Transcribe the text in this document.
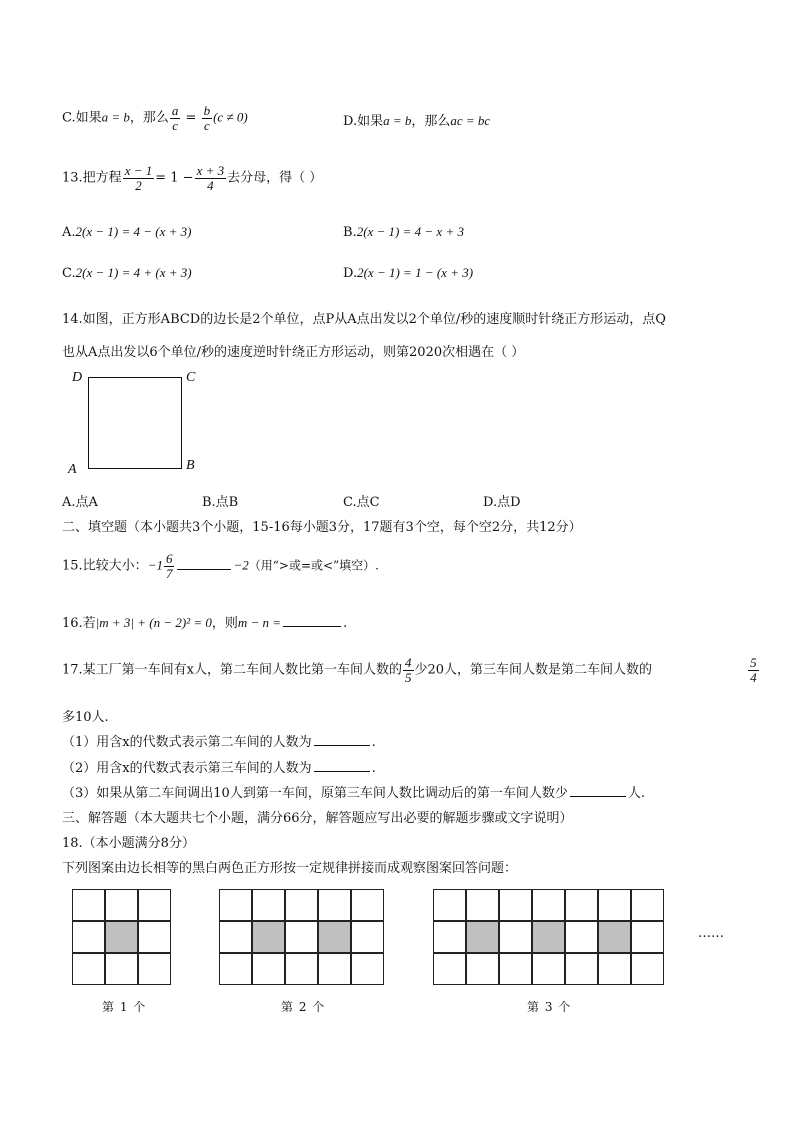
C.如果a = b，那么 $\frac{a}{c} = \frac{b}{c} (c \ne 0)$	D.如果a = b，那么ac = bc
13.把方程 $\frac{x - 1}{2} = 1 - \frac{x + 3}{4}$ 去分母，得（ ）
A.2(x − 1) = 4 − (x + 3)	B.2(x − 1) = 4 − x + 3
C.2(x − 1) = 4 + (x + 3)	D.2(x − 1) = 1 − (x + 3)
14.如图，正方形ABCD的边长是2个单位，点P从A点出发以2个单位/秒的速度顺时针绕正方形运动，点Q
也从A点出发以6个单位/秒的速度逆时针绕正方形运动，则第2020次相遇在（ ）
D	C
A	B
A.点A	B.点B	C.点C	D.点D
二、填空题（本小题共3个小题，15-16每小题3分，17题有3个空，每个空2分，共12分）
15.比较大小：$-1 \frac{6}{7}$	−2（用“>或=或<”填空）.
16.若|m + 3| + (n − 2)² = 0，则m − n =	.
17.某工厂第一车间有x人，第二车间人数比第一车间人数的 $\frac{4}{5}$ 少20人，第三车间人数是第二车间人数的	$\frac{5}{4}$
多10人.
（1）用含x的代数式表示第二车间的人数为	.
（2）用含x的代数式表示第三车间的人数为	.
（3）如果从第二车间调出10人到第一车间，原第三车间人数比调动后的第一车间人数少	人.
三、解答题（本大题共七个小题，满分66分，解答题应写出必要的解题步骤或文字说明）
18.（本小题满分8分）
下列图案由边长相等的黑白两色正方形按一定规律拼接而成观察图案回答问题：
……
第 1 个	第 2 个	第 3 个
